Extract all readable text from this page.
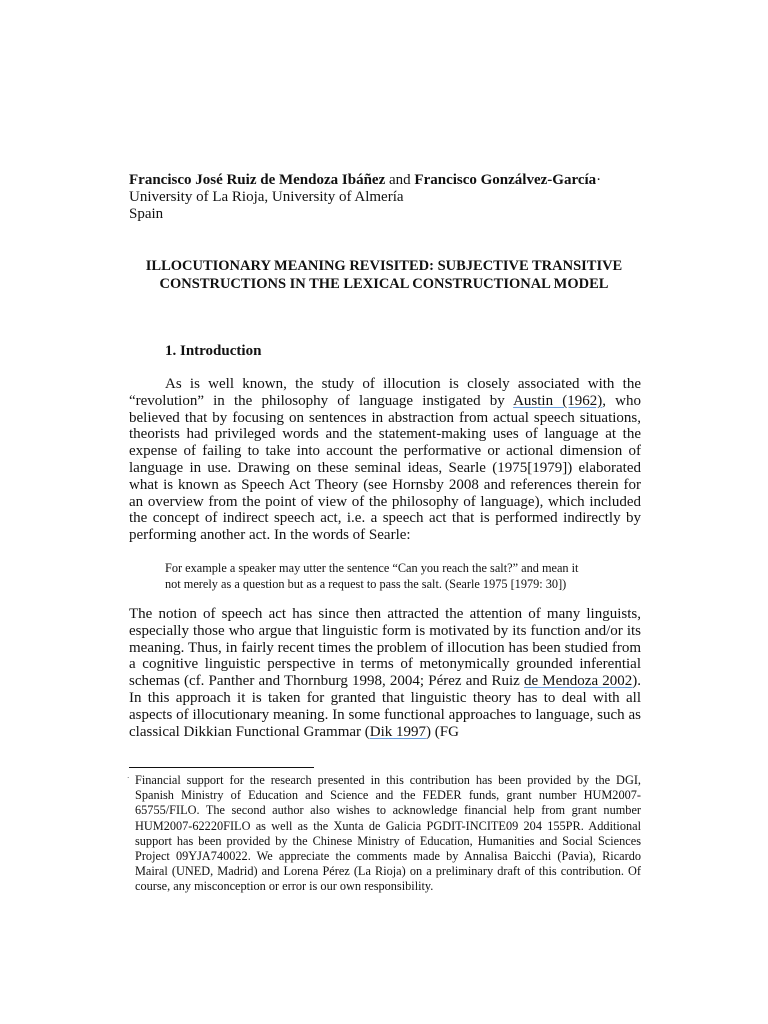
Francisco José Ruiz de Mendoza Ibáñez and Francisco Gonzálvez-García·
University of La Rioja, University of Almería
Spain
ILLOCUTIONARY MEANING REVISITED: SUBJECTIVE TRANSITIVE
CONSTRUCTIONS IN THE LEXICAL CONSTRUCTIONAL MODEL
1. Introduction

As is well known, the study of illocution is closely associated with the “revolution” in the philosophy of language instigated by Austin (1962), who believed that by focusing on sentences in abstraction from actual speech situations, theorists had privileged words and the statement-making uses of language at the expense of failing to take into account the performative or actional dimension of language in use. Drawing on these seminal ideas, Searle (1975[1979]) elaborated what is known as Speech Act Theory (see Hornsby 2008 and references therein for an overview from the point of view of the philosophy of language), which included the concept of indirect speech act, i.e. a speech act that is performed indirectly by performing another act. In the words of Searle:

For example a speaker may utter the sentence “Can you reach the salt?” and mean it
not merely as a question but as a request to pass the salt. (Searle 1975 [1979: 30])

The notion of speech act has since then attracted the attention of many linguists, especially those who argue that linguistic form is motivated by its function and/or its meaning. Thus, in fairly recent times the problem of illocution has been studied from a cognitive linguistic perspective in terms of metonymically grounded inferential schemas (cf. Panther and Thornburg 1998, 2004; Pérez and Ruiz de Mendoza 2002). In this approach it is taken for granted that linguistic theory has to deal with all aspects of illocutionary meaning. In some functional approaches to language, such as classical Dikkian Functional Grammar (Dik 1997) (FG

· Financial support for the research presented in this contribution has been provided by the DGI, Spanish Ministry of Education and Science and the FEDER funds, grant number HUM2007-65755/FILO. The second author also wishes to acknowledge financial help from grant number HUM2007-62220FILO as well as the Xunta de Galicia PGDIT-INCITE09 204 155PR. Additional support has been provided by the Chinese Ministry of Education, Humanities and Social Sciences Project 09YJA740022. We appreciate the comments made by Annalisa Baicchi (Pavia), Ricardo Mairal (UNED, Madrid) and Lorena Pérez (La Rioja) on a preliminary draft of this contribution. Of course, any misconception or error is our own responsibility.
